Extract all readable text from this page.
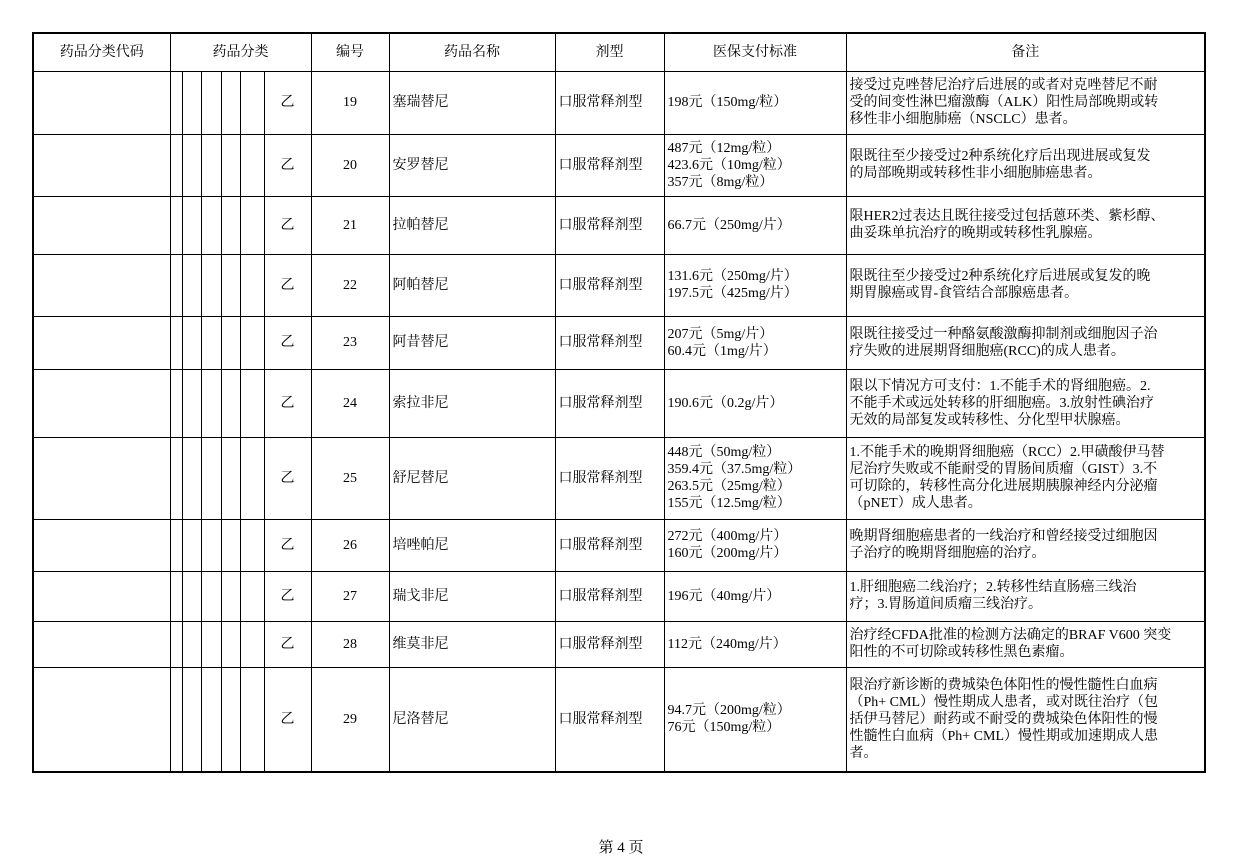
药品分类代码	药品分类						编号	药品名称	剂型	医保支付标准	备注
						乙	19	塞瑞替尼	口服常释剂型	198元（150mg/粒）	接受过克唑替尼治疗后进展的或者对克唑替尼不耐
受的间变性淋巴瘤激酶（ALK）阳性局部晚期或转
移性非小细胞肺癌（NSCLC）患者。

						乙	20	安罗替尼	口服常释剂型	487元（12mg/粒）
423.6元（10mg/粒）
357元（8mg/粒）	限既往至少接受过2种系统化疗后出现进展或复发
的局部晚期或转移性非小细胞肺癌患者。

						乙	21	拉帕替尼	口服常释剂型	66.7元（250mg/片）	限HER2过表达且既往接受过包括蒽环类、紫杉醇、
曲妥珠单抗治疗的晚期或转移性乳腺癌。

						乙	22	阿帕替尼	口服常释剂型	131.6元（250mg/片）
197.5元（425mg/片）	限既往至少接受过2种系统化疗后进展或复发的晚
期胃腺癌或胃-食管结合部腺癌患者。

						乙	23	阿昔替尼	口服常释剂型	207元（5mg/片）
60.4元（1mg/片）	限既往接受过一种酪氨酸激酶抑制剂或细胞因子治
疗失败的进展期肾细胞癌(RCC)的成人患者。

						乙	24	索拉非尼	口服常释剂型	190.6元（0.2g/片）	限以下情况方可支付：1.不能手术的肾细胞癌。2.
不能手术或远处转移的肝细胞癌。3.放射性碘治疗
无效的局部复发或转移性、分化型甲状腺癌。

						乙	25	舒尼替尼	口服常释剂型	448元（50mg/粒）
359.4元（37.5mg/粒）
263.5元（25mg/粒）
155元（12.5mg/粒）	1.不能手术的晚期肾细胞癌（RCC）2.甲磺酸伊马替
尼治疗失败或不能耐受的胃肠间质瘤（GIST）3.不
可切除的，转移性高分化进展期胰腺神经内分泌瘤
（pNET）成人患者。

						乙	26	培唑帕尼	口服常释剂型	272元（400mg/片）
160元（200mg/片）	晚期肾细胞癌患者的一线治疗和曾经接受过细胞因
子治疗的晚期肾细胞癌的治疗。

						乙	27	瑞戈非尼	口服常释剂型	196元（40mg/片）	1.肝细胞癌二线治疗；2.转移性结直肠癌三线治
疗；3.胃肠道间质瘤三线治疗。

						乙	28	维莫非尼	口服常释剂型	112元（240mg/片）	治疗经CFDA批准的检测方法确定的BRAF V600 突变
阳性的不可切除或转移性黑色素瘤。

						乙	29	尼洛替尼	口服常释剂型	94.7元（200mg/粒）
76元（150mg/粒）	限治疗新诊断的费城染色体阳性的慢性髓性白血病
（Ph+ CML）慢性期成人患者，或对既往治疗（包
括伊马替尼）耐药或不耐受的费城染色体阳性的慢
性髓性白血病（Ph+ CML）慢性期或加速期成人患
者。
第 4 页
